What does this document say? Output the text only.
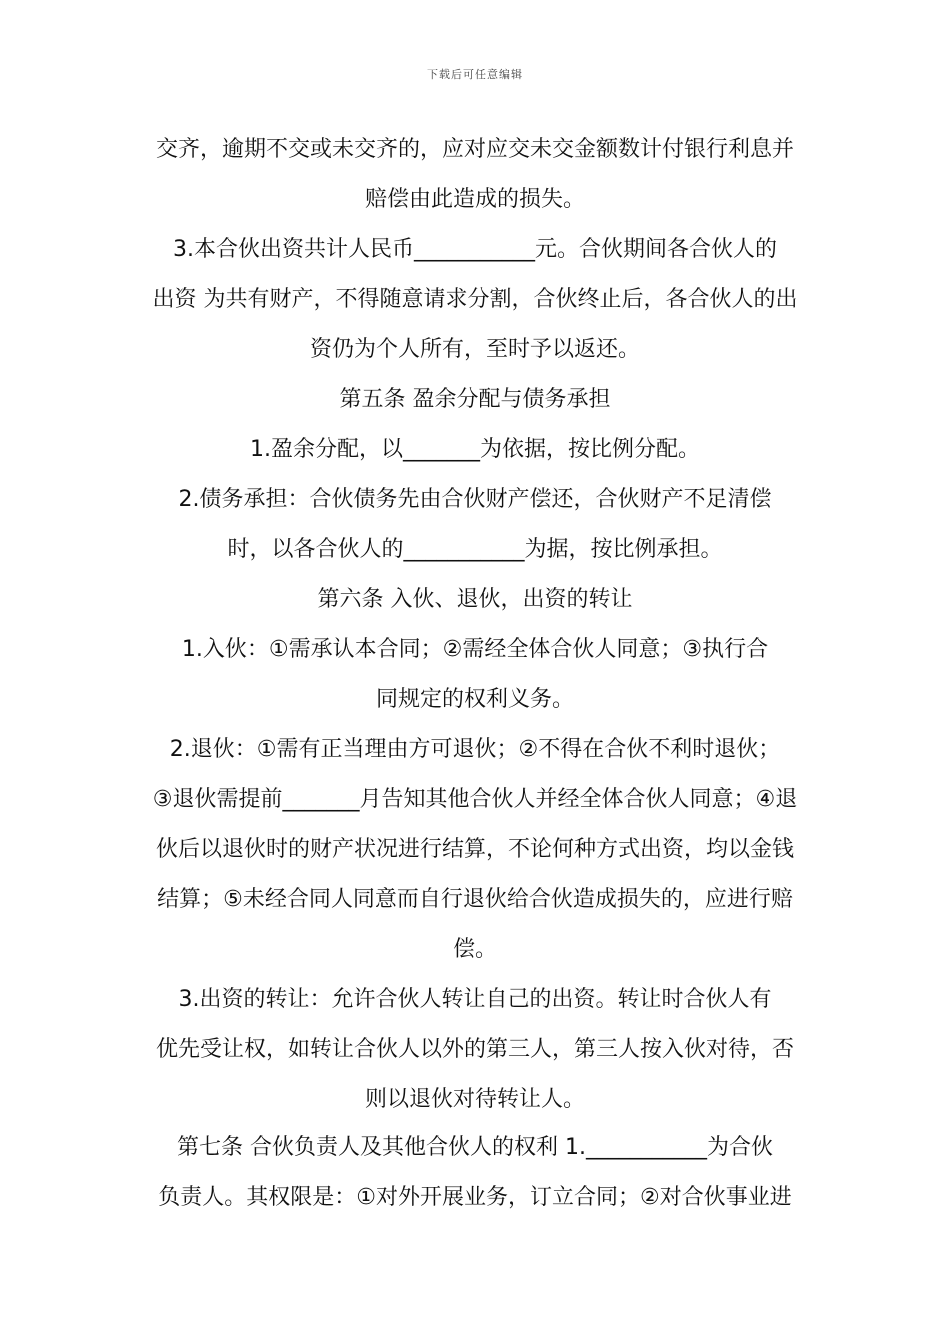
下载后可任意编辑
交齐，逾期不交或未交齐的，应对应交未交金额数计付银行利息并
赔偿由此造成的损失。
3.本合伙出资共计人民币___________元。合伙期间各合伙人的
出资 为共有财产，不得随意请求分割，合伙终止后，各合伙人的出
资仍为个人所有，至时予以返还。
第五条 盈余分配与债务承担
1.盈余分配，以_______为依据，按比例分配。
2.债务承担：合伙债务先由合伙财产偿还，合伙财产不足清偿
时，以各合伙人的___________为据，按比例承担。
第六条 入伙、退伙，出资的转让
1.入伙：①需承认本合同；②需经全体合伙人同意；③执行合
同规定的权利义务。
2.退伙：①需有正当理由方可退伙；②不得在合伙不利时退伙；
③退伙需提前_______月告知其他合伙人并经全体合伙人同意；④退
伙后以退伙时的财产状况进行结算，不论何种方式出资，均以金钱
结算；⑤未经合同人同意而自行退伙给合伙造成损失的，应进行赔
偿。
3.出资的转让：允许合伙人转让自己的出资。转让时合伙人有
优先受让权，如转让合伙人以外的第三人，第三人按入伙对待，否
则以退伙对待转让人。
第七条 合伙负责人及其他合伙人的权利 1.___________为合伙
负责人。其权限是：①对外开展业务，订立合同；②对合伙事业进
